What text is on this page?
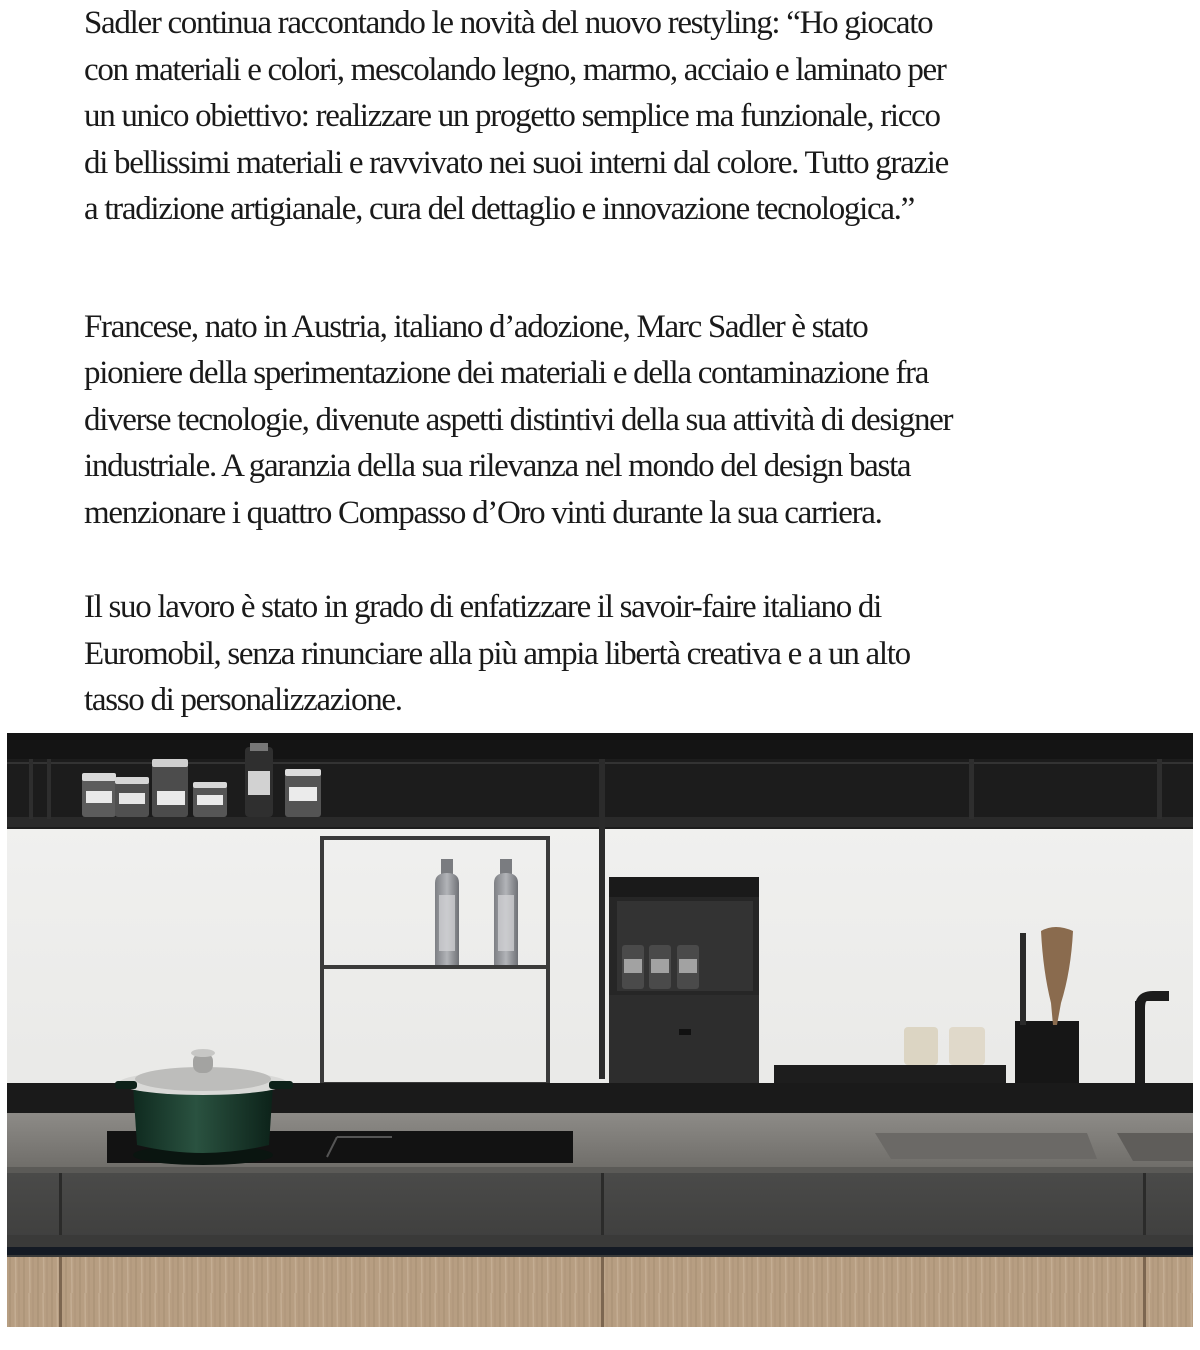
Sadler continua raccontando le novità del nuovo restyling: “Ho giocato
con materiali e colori, mescolando legno, marmo, acciaio e laminato per
un unico obiettivo: realizzare un progetto semplice ma funzionale, ricco
di bellissimi materiali e ravvivato nei suoi interni dal colore. Tutto grazie
a tradizione artigianale, cura del dettaglio e innovazione tecnologica.”

Francese, nato in Austria, italiano d’adozione, Marc Sadler è stato
pioniere della sperimentazione dei materiali e della contaminazione fra
diverse tecnologie, divenute aspetti distintivi della sua attività di designer
industriale. A garanzia della sua rilevanza nel mondo del design basta
menzionare i quattro Compasso d’Oro vinti durante la sua carriera.

Il suo lavoro è stato in grado di enfatizzare il savoir-faire italiano di
Euromobil, senza rinunciare alla più ampia libertà creativa e a un alto
tasso di personalizzazione.
